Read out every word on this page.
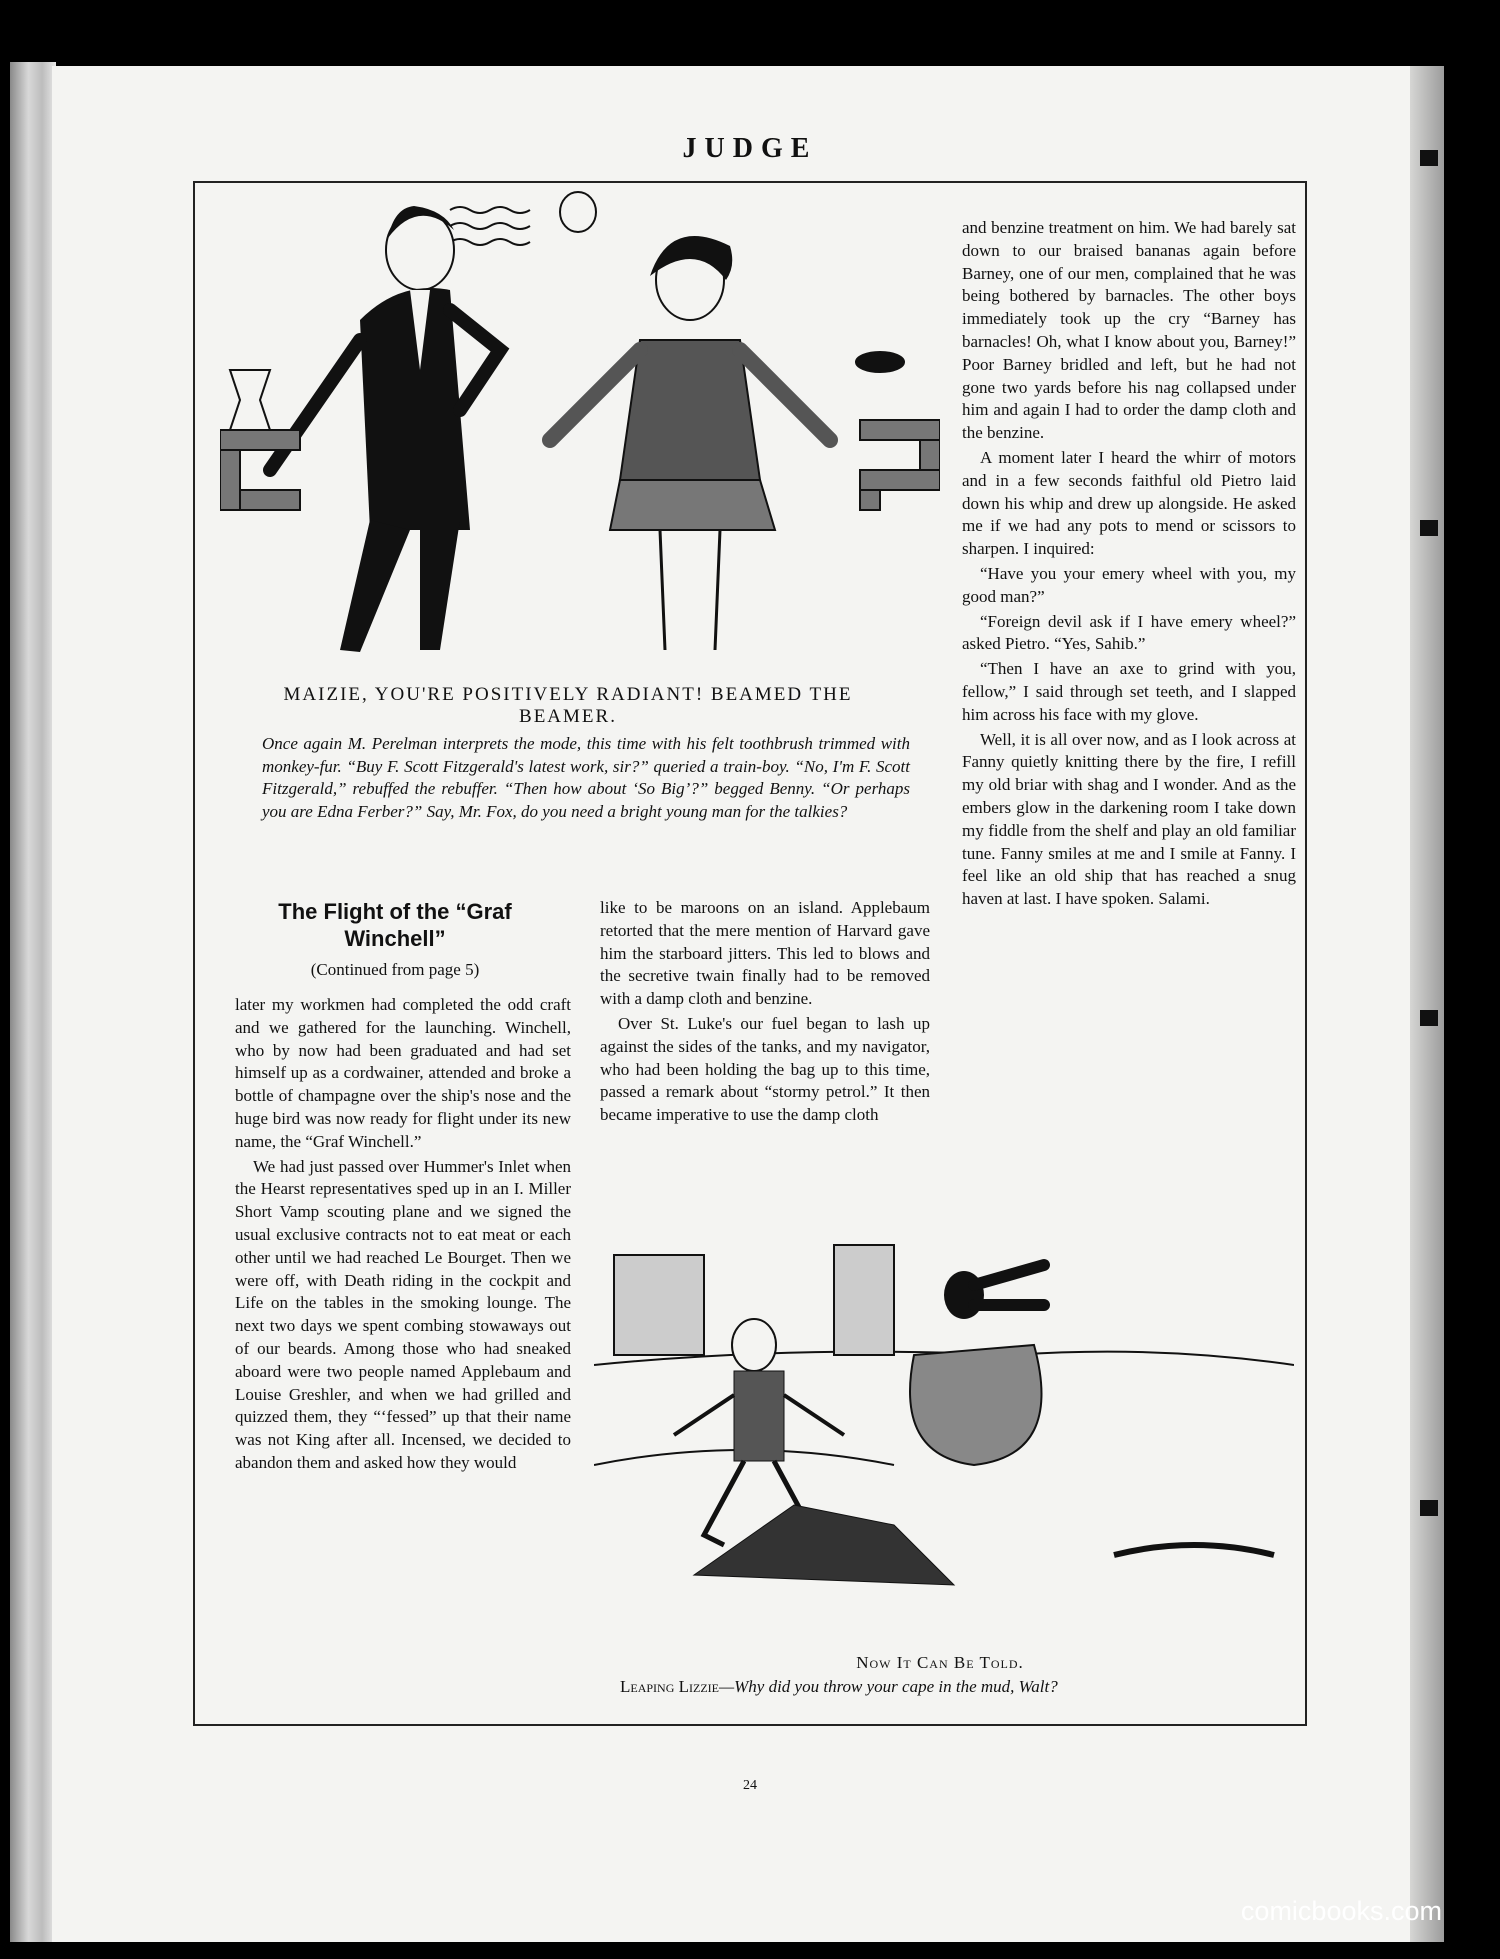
JUDGE
MAIZIE, YOU'RE POSITIVELY RADIANT! BEAMED THE BEAMER.
Once again M. Perelman interprets the mode, this time with his felt toothbrush trimmed with monkey-fur. “Buy F. Scott Fitzgerald's latest work, sir?” queried a train-boy. “No, I'm F. Scott Fitzgerald,” rebuffed the rebuffer. “Then how about ‘So Big’?” begged Benny. “Or perhaps you are Edna Ferber?” Say, Mr. Fox, do you need a bright young man for the talkies?
The Flight of the “Graf Winchell”
(Continued from page 5)

later my workmen had completed the odd craft and we gathered for the launching. Winchell, who by now had been graduated and had set himself up as a cordwainer, attended and broke a bottle of champagne over the ship's nose and the huge bird was now ready for flight under its new name, the “Graf Winchell.”

We had just passed over Hummer's Inlet when the Hearst representatives sped up in an I. Miller Short Vamp scouting plane and we signed the usual exclusive contracts not to eat meat or each other until we had reached Le Bourget. Then we were off, with Death riding in the cockpit and Life on the tables in the smoking lounge. The next two days we spent combing stowaways out of our beards. Among those who had sneaked aboard were two people named Applebaum and Louise Greshler, and when we had grilled and quizzed them, they “‘fessed” up that their name was not King after all. Incensed, we decided to abandon them and asked how they would

like to be maroons on an island. Applebaum retorted that the mere mention of Harvard gave him the starboard jitters. This led to blows and the secretive twain finally had to be removed with a damp cloth and benzine.

Over St. Luke's our fuel began to lash up against the sides of the tanks, and my navigator, who had been holding the bag up to this time, passed a remark about “stormy petrol.” It then became imperative to use the damp cloth

and benzine treatment on him. We had barely sat down to our braised bananas again before Barney, one of our men, complained that he was being bothered by barnacles. The other boys immediately took up the cry “Barney has barnacles! Oh, what I know about you, Barney!” Poor Barney bridled and left, but he had not gone two yards before his nag collapsed under him and again I had to order the damp cloth and the benzine.

A moment later I heard the whirr of motors and in a few seconds faithful old Pietro laid down his whip and drew up alongside. He asked me if we had any pots to mend or scissors to sharpen. I inquired:

“Have you your emery wheel with you, my good man?”

“Foreign devil ask if I have emery wheel?” asked Pietro. “Yes, Sahib.”

“Then I have an axe to grind with you, fellow,” I said through set teeth, and I slapped him across his face with my glove.

Well, it is all over now, and as I look across at Fanny quietly knitting there by the fire, I refill my old briar with shag and I wonder. And as the embers glow in the darkening room I take down my fiddle from the shelf and play an old familiar tune. Fanny smiles at me and I smile at Fanny. I feel like an old ship that has reached a snug haven at last. I have spoken. Salami.

Now It Can Be Told.
Leaping Lizzie—Why did you throw your cape in the mud, Walt?
24
comicbooks.com
